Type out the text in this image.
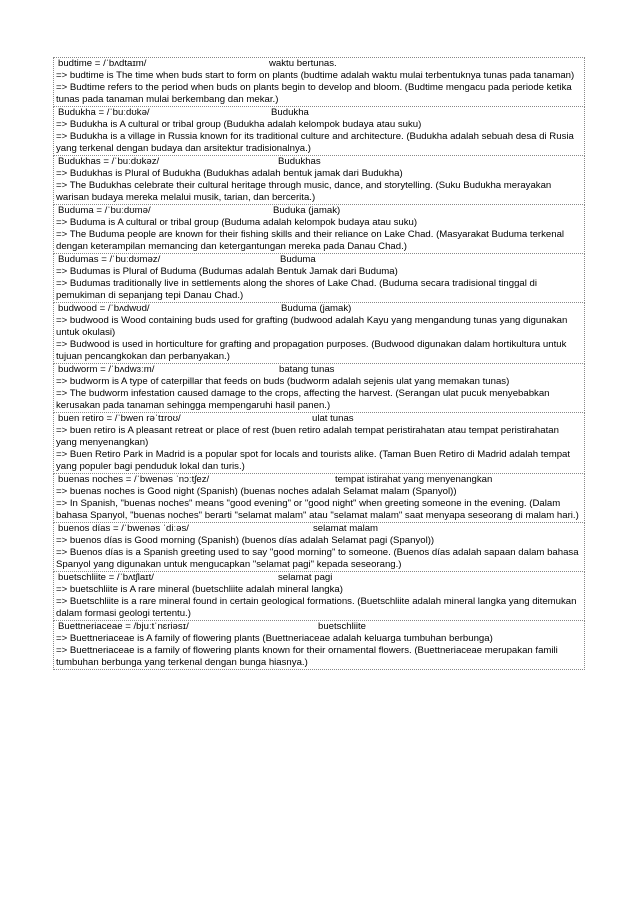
budtime = /ˈbʌdtaɪm/	waktu bertunas.
=> budtime is The time when buds start to form on plants (budtime adalah waktu mulai terbentuknya tunas pada tanaman)
=> Budtime refers to the period when buds on plants begin to develop and bloom. (Budtime mengacu pada periode ketika tunas pada tanaman mulai berkembang dan mekar.)
Budukha = /ˈbuːdʊkə/	Budukha
=> Budukha is A cultural or tribal group (Budukha adalah kelompok budaya atau suku)
=> Budukha is a village in Russia known for its traditional culture and architecture. (Budukha adalah sebuah desa di Rusia yang terkenal dengan budaya dan arsitektur tradisionalnya.)
Budukhas = /ˈbuːdʊkəz/	Budukhas
=> Budukhas is Plural of Budukha (Budukhas adalah bentuk jamak dari Budukha)
=> The Budukhas celebrate their cultural heritage through music, dance, and storytelling. (Suku Budukha merayakan warisan budaya mereka melalui musik, tarian, dan bercerita.)
Buduma = /ˈbuːdʊmə/	Buduka (jamak)
=> Buduma is A cultural or tribal group (Buduma adalah kelompok budaya atau suku)
=> The Buduma people are known for their fishing skills and their reliance on Lake Chad. (Masyarakat Buduma terkenal dengan keterampilan memancing dan ketergantungan mereka pada Danau Chad.)
Budumas = /ˈbuːdʊməz/	Buduma
=> Budumas is Plural of Buduma (Budumas adalah Bentuk Jamak dari Buduma)
=> Budumas traditionally live in settlements along the shores of Lake Chad. (Buduma secara tradisional tinggal di pemukiman di sepanjang tepi Danau Chad.)
budwood = /ˈbʌdwʊd/	Buduma (jamak)
=> budwood is Wood containing buds used for grafting (budwood adalah Kayu yang mengandung tunas yang digunakan untuk okulasi)
=> Budwood is used in horticulture for grafting and propagation purposes. (Budwood digunakan dalam hortikultura untuk tujuan pencangkokan dan perbanyakan.)
budworm = /ˈbʌdwɜːm/	batang tunas
=> budworm is A type of caterpillar that feeds on buds (budworm adalah sejenis ulat yang memakan tunas)
=> The budworm infestation caused damage to the crops, affecting the harvest. (Serangan ulat pucuk menyebabkan kerusakan pada tanaman sehingga mempengaruhi hasil panen.)
buen retiro = /ˈbwen rəˈtɪroʊ/	ulat tunas
=> buen retiro is A pleasant retreat or place of rest (buen retiro adalah tempat peristirahatan atau tempat peristirahatan yang menyenangkan)
=> Buen Retiro Park in Madrid is a popular spot for locals and tourists alike. (Taman Buen Retiro di Madrid adalah tempat yang populer bagi penduduk lokal dan turis.)
buenas noches = /ˈbwenəs ˈnɔːtʃez/	tempat istirahat yang menyenangkan
=> buenas noches is Good night (Spanish) (buenas noches adalah Selamat malam (Spanyol))
=> In Spanish, "buenas noches" means "good evening" or "good night" when greeting someone in the evening. (Dalam bahasa Spanyol, "buenas noches" berarti "selamat malam" atau "selamat malam" saat menyapa seseorang di malam hari.)
buenos días = /ˈbwenəs ˈdiːəs/	selamat malam
=> buenos días is Good morning (Spanish) (buenos días adalah Selamat pagi (Spanyol))
=> Buenos días is a Spanish greeting used to say "good morning" to someone. (Buenos días adalah sapaan dalam bahasa Spanyol yang digunakan untuk mengucapkan "selamat pagi" kepada seseorang.)
buetschliite = /ˈbʌtʃlaɪt/	selamat pagi
=> buetschliite is A rare mineral (buetschliite adalah mineral langka)
=> Buetschliite is a rare mineral found in certain geological formations. (Buetschliite adalah mineral langka yang ditemukan dalam formasi geologi tertentu.)
Buettneriaceae = /bjuːtˈnɛriəsɪ/	buetschliite
=> Buettneriaceae is A family of flowering plants (Buettneriaceae adalah keluarga tumbuhan berbunga)
=> Buettneriaceae is a family of flowering plants known for their ornamental flowers. (Buettneriaceae merupakan famili tumbuhan berbunga yang terkenal dengan bunga hiasnya.)
